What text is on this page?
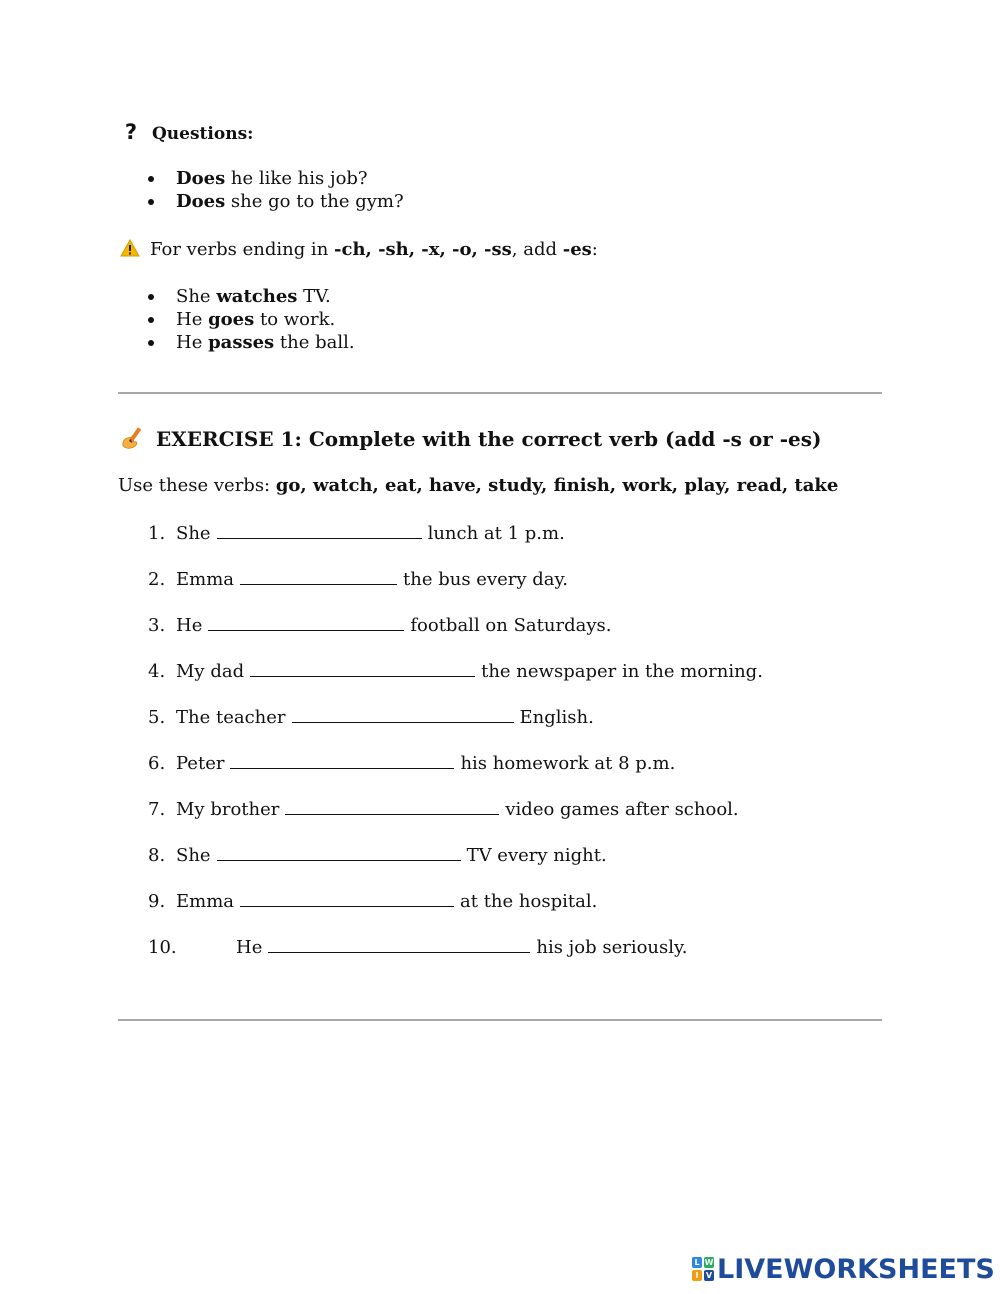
? Questions:
Does he like his job?
Does she go to the gym?
For verbs ending in -ch, -sh, -x, -o, -ss, add -es:
She watches TV.
He goes to work.
He passes the ball.
EXERCISE 1: Complete with the correct verb (add -s or -es)
Use these verbs: go, watch, eat, have, study, finish, work, play, read, take
1. She	lunch at 1 p.m.
2. Emma	the bus every day.
3. He	football on Saturdays.
4. My dad	the newspaper in the morning.
5. The teacher	English.
6. Peter	his homework at 8 p.m.
7. My brother	video games after school.
8. She	TV every night.
9. Emma	at the hospital.
10.	He	his job seriously.
L W
I V LIVEWORKSHEETS
